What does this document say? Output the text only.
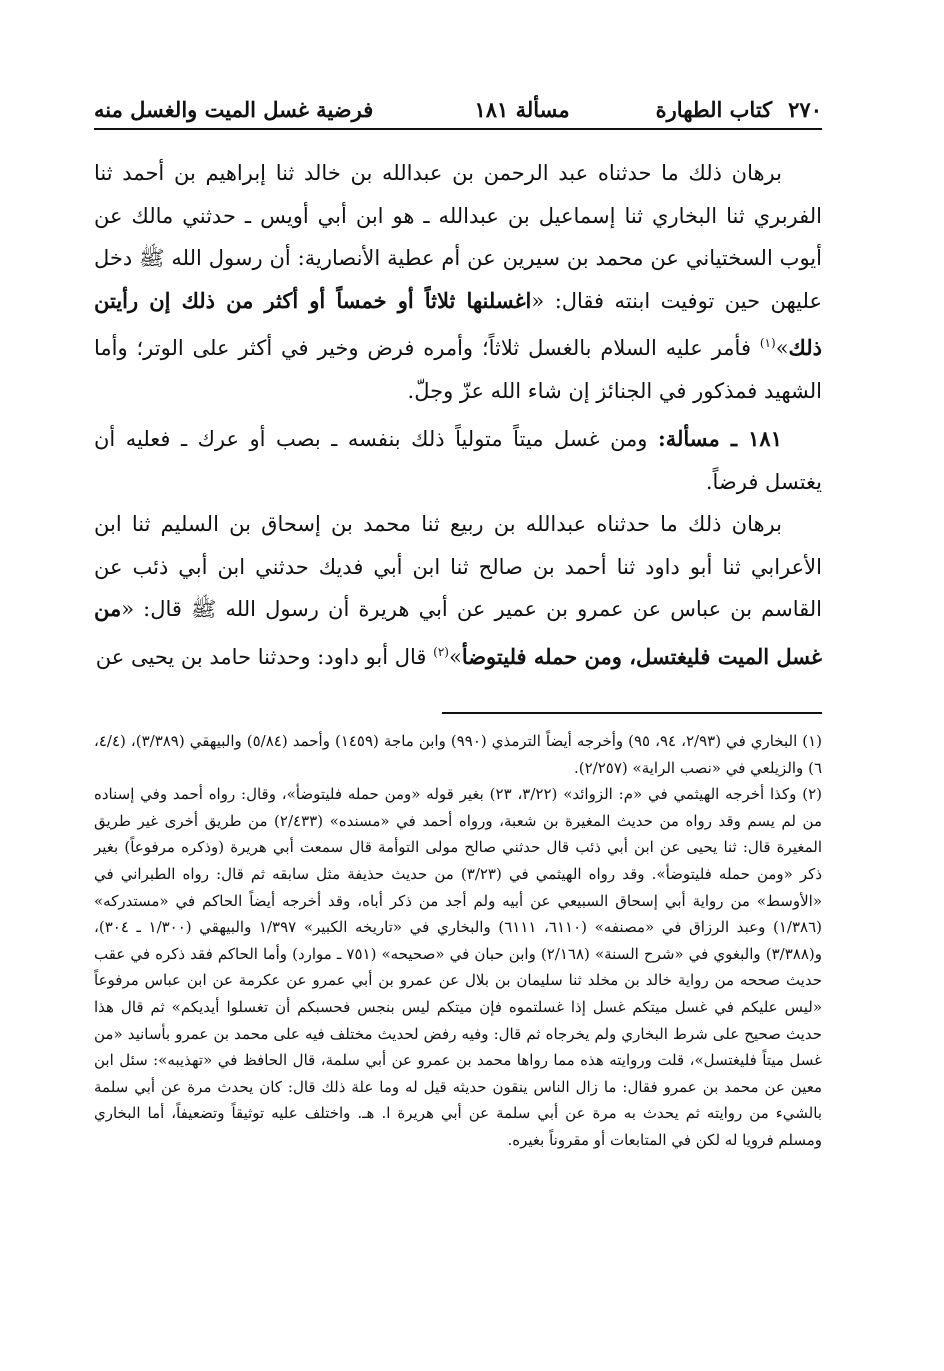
٢٧٠
كتاب الطهارة
مسألة ١٨١
فرضية غسل الميت والغسل منه

برهان ذلك ما حدثناه عبد الرحمن بن عبدالله بن خالد ثنا إبراهيم بن أحمد ثنا الفربري ثنا البخاري ثنا إسماعيل بن عبدالله ـ هو ابن أبي أويس ـ حدثني مالك عن أيوب السختياني عن محمد بن سيرين عن أم عطية الأنصارية: أن رسول الله ﷺ دخل عليهن حين توفيت ابنته فقال: «اغسلنها ثلاثاً أو خمساً أو أكثر من ذلك إن رأيتن ذلك»$^{(١)}$ فأمر عليه السلام بالغسل ثلاثاً؛ وأمره فرض وخير في أكثر على الوتر؛ وأما الشهيد فمذكور في الجنائز إن شاء الله عزّ وجلّ.

١٨١ ـ مسألة: ومن غسل ميتاً متولياً ذلك بنفسه ـ بصب أو عرك ـ فعليه أن يغتسل فرضاً.

برهان ذلك ما حدثناه عبدالله بن ربيع ثنا محمد بن إسحاق بن السليم ثنا ابن الأعرابي ثنا أبو داود ثنا أحمد بن صالح ثنا ابن أبي فديك حدثني ابن أبي ذئب عن القاسم بن عباس عن عمرو بن عمير عن أبي هريرة أن رسول الله ﷺ قال: «من غسل الميت فليغتسل، ومن حمله فليتوضأ»$^{(٢)}$ قال أبو داود: وحدثنا حامد بن يحيى عن

(١) البخاري في (٢/٩٣، ٩٤، ٩٥) وأخرجه أيضاً الترمذي (٩٩٠) وابن ماجة (١٤٥٩) وأحمد (٥/٨٤) والبيهقي (٣/٣٨٩)، (٤/٤، ٦) والزيلعي في «نصب الراية» (٢/٢٥٧).

(٢) وكذا أخرجه الهيثمي في «م: الزوائد» (٣/٢٢، ٢٣) بغير قوله «ومن حمله فليتوضأ»، وقال: رواه أحمد وفي إسناده من لم يسم وقد رواه من حديث المغيرة بن شعبة، ورواه أحمد في «مسنده» (٢/٤٣٣) من طريق أخرى غير طريق المغيرة قال: ثنا يحيى عن ابن أبي ذئب قال حدثني صالح مولى التوأمة قال سمعت أبي هريرة (وذكره مرفوعاً) بغير ذكر «ومن حمله فليتوضأ». وقد رواه الهيثمي في (٣/٢٣) من حديث حذيفة مثل سابقه ثم قال: رواه الطبراني في «الأوسط» من رواية أبي إسحاق السبيعي عن أبيه ولم أجد من ذكر أباه، وقد أخرجه أيضاً الحاكم في «مستدركه» (١/٣٨٦) وعبد الرزاق في «مصنفه» (٦١١٠، ٦١١١) والبخاري في «تاريخه الكبير» ١/٣٩٧ والبيهقي (١/٣٠٠ ـ ٣٠٤)، و(٣/٣٨٨) والبغوي في «شرح السنة» (٢/١٦٨) وابن حبان في «صحيحه» (٧٥١ ـ موارد) وأما الحاكم فقد ذكره في عقب حديث صححه من رواية خالد بن مخلد ثنا سليمان بن بلال عن عمرو بن أبي عمرو عن عكرمة عن ابن عباس مرفوعاً «ليس عليكم في غسل ميتكم غسل إذا غسلتموه فإن ميتكم ليس بنجس فحسبكم أن تغسلوا أيديكم» ثم قال هذا حديث صحيح على شرط البخاري ولم يخرجاه ثم قال: وفيه رفض لحديث مختلف فيه على محمد بن عمرو بأسانيد «من غسل ميتاً فليغتسل»، قلت وروايته هذه مما رواها محمد بن عمرو عن أبي سلمة، قال الحافظ في «تهذيبه»: سئل ابن معين عن محمد بن عمرو فقال: ما زال الناس ينقون حديثه قيل له وما علة ذلك قال: كان يحدث مرة عن أبي سلمة بالشيء من روايته ثم يحدث به مرة عن أبي سلمة عن أبي هريرة ا. هـ. واختلف عليه توثيقاً وتضعيفاً، أما البخاري ومسلم فرويا له لكن في المتابعات أو مقروناً بغيره.
